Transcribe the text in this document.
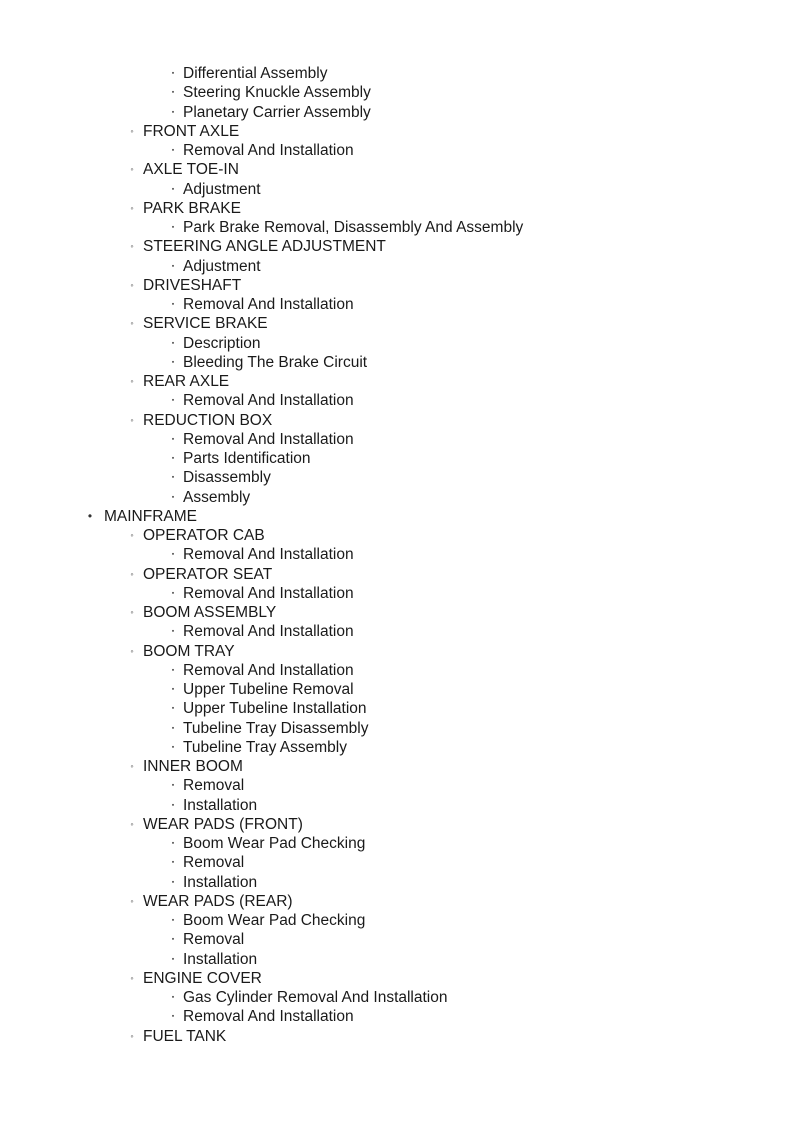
▪ Differential Assembly
▪ Steering Knuckle Assembly
▪ Planetary Carrier Assembly
◦ FRONT AXLE
▪ Removal And Installation
◦ AXLE TOE-IN
▪ Adjustment
◦ PARK BRAKE
▪ Park Brake Removal, Disassembly And Assembly
◦ STEERING ANGLE ADJUSTMENT
▪ Adjustment
◦ DRIVESHAFT
▪ Removal And Installation
◦ SERVICE BRAKE
▪ Description
▪ Bleeding The Brake Circuit
◦ REAR AXLE
▪ Removal And Installation
◦ REDUCTION BOX
▪ Removal And Installation
▪ Parts Identification
▪ Disassembly
▪ Assembly
• MAINFRAME
◦ OPERATOR CAB
▪ Removal And Installation
◦ OPERATOR SEAT
▪ Removal And Installation
◦ BOOM ASSEMBLY
▪ Removal And Installation
◦ BOOM TRAY
▪ Removal And Installation
▪ Upper Tubeline Removal
▪ Upper Tubeline Installation
▪ Tubeline Tray Disassembly
▪ Tubeline Tray Assembly
◦ INNER BOOM
▪ Removal
▪ Installation
◦ WEAR PADS (FRONT)
▪ Boom Wear Pad Checking
▪ Removal
▪ Installation
◦ WEAR PADS (REAR)
▪ Boom Wear Pad Checking
▪ Removal
▪ Installation
◦ ENGINE COVER
▪ Gas Cylinder Removal And Installation
▪ Removal And Installation
◦ FUEL TANK
